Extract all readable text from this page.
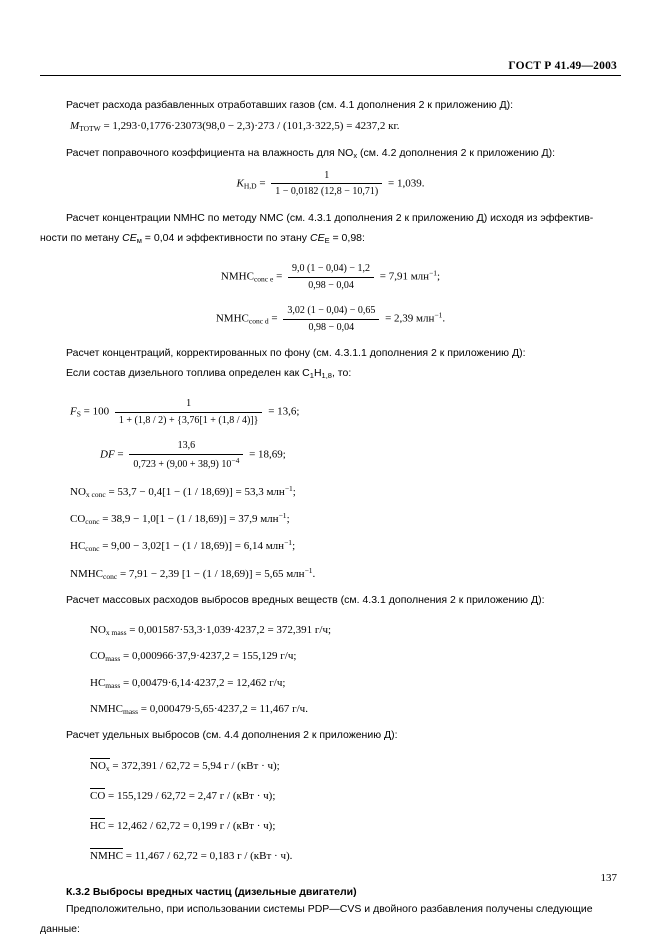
ГОСТ Р 41.49—2003

Расчет расхода разбавленных отработавших газов (см. 4.1 дополнения 2 к приложению Д):

$M_{TOTW} = 1,293\cdot 0,1776\cdot 23073(98,0 - 2,3)\cdot 273 / (101,3\cdot 322,5) = 4237,2$ кг.

Расчет поправочного коэффициента на влажность для $NO_x$ (см. 4.2 дополнения 2 к приложению Д):

$K_{H,D} = \frac{1}{1 - 0,0182 (12,8 - 10,71)} = 1,039$.

Расчет концентрации NMHC по методу NMC (см. 4.3.1 дополнения 2 к приложению Д) исходя из эффектив-

ности по метану $CE_м = 0,04$ и эффективности по этану $CE_Е = 0,98$:

$NMHC_{conc e} = \frac{9,0 (1 - 0,04) - 1,2}{0,98 - 0,04} = 7,91$ млн$^{-1}$;
$NMHC_{conc d} = \frac{3,02 (1 - 0,04) - 0,65}{0,98 - 0,04} = 2,39$ млн$^{-1}$.

Расчет концентраций, корректированных по фону (см. 4.3.1.1 дополнения 2 к приложению Д):

Если состав дизельного топлива определен как $C_1H_{1,8}$, то:

$F_S = 100 \frac{1}{1 + (1,8 / 2) + \{3,76[1 + (1,8 / 4)]\}} = 13,6$;
DF = $\frac{13,6}{0,723 + (9,00 + 38,9) 10^{-4}} = 18,69$;
$NO_{x conc} = 53,7 - 0,4[1 - (1 / 18,69)] = 53,3$ млн$^{-1}$;
$CO_{conc} = 38,9 - 1,0[1 - (1 / 18,69)] = 37,9$ млн$^{-1}$;
$HC_{conc} = 9,00 - 3,02[1 - (1 / 18,69)] = 6,14$ млн$^{-1}$;
$NMHC_{conc} = 7,91 - 2,39$ [1 − (1 / 18,69)] = 5,65 млн$^{-1}$.

Расчет массовых расходов выбросов вредных веществ (см. 4.3.1 дополнения 2 к приложению Д):

$NO_{x mass} = 0,001587\cdot 53,3\cdot 1,039\cdot 4237,2 = 372,391$ г/ч;
$CO_{mass} = 0,000966\cdot 37,9\cdot 4237,2 = 155,129$ г/ч;
$HC_{mass} = 0,00479\cdot 6,14\cdot 4237,2 = 12,462$ г/ч;
$NMHC_{mass} = 0,000479\cdot 5,65\cdot 4237,2 = 11,467$ г/ч.

Расчет удельных выбросов (см. 4.4 дополнения 2 к приложению Д):

$NO_x = 372,391 / 62,72 = 5,94$ г / (кВт · ч);
CO = 155,129 / 62,72 = 2,47 г / (кВт · ч);
HC = 12,462 / 62,72 = 0,199 г / (кВт · ч);
NMHC = 11,467 / 62,72 = 0,183 г / (кВт · ч).
К.3.2 Выбросы вредных частиц (дизельные двигатели)

Предположительно, при использовании системы PDP—CVS и двойного разбавления получены следующие

данные:

137
